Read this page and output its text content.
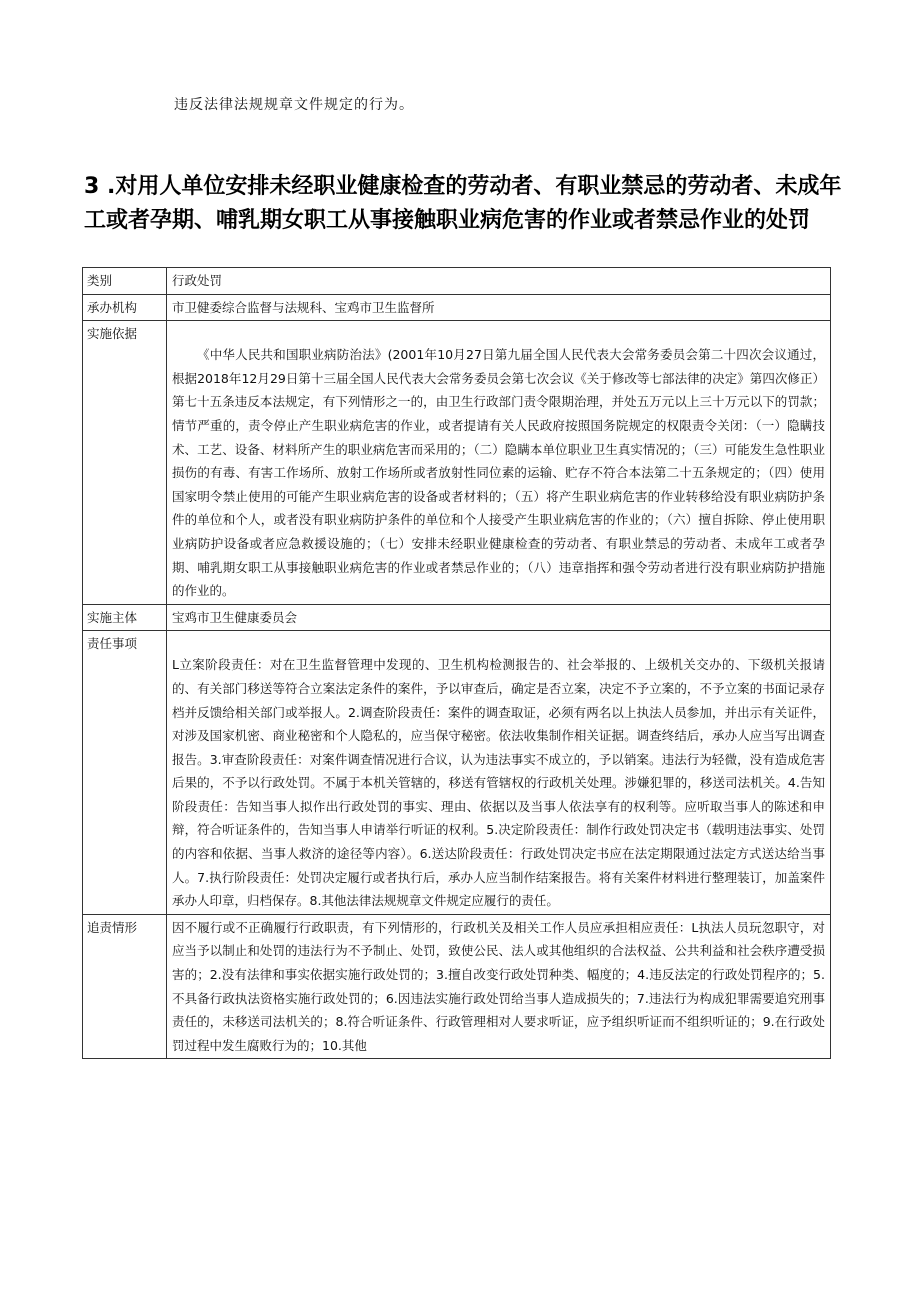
违反法律法规规章文件规定的行为。
3 .对用人单位安排未经职业健康检查的劳动者、有职业禁忌的劳动者、未成年工或者孕期、哺乳期女职工从事接触职业病危害的作业或者禁忌作业的处罚
类别	行政处罚
承办机构	市卫健委综合监督与法规科、宝鸡市卫生监督所
实施依据	《中华人民共和国职业病防治法》(2001年10月27日第九届全国人民代表大会常务委员会第二十四次会议通过，根据2018年12月29日第十三届全国人民代表大会常务委员会第七次会议《关于修改等七部法律的决定》第四次修正）第七十五条违反本法规定，有下列情形之一的，由卫生行政部门责令限期治理，并处五万元以上三十万元以下的罚款；情节严重的，责令停止产生职业病危害的作业，或者提请有关人民政府按照国务院规定的权限责令关闭：（一）隐瞒技术、工艺、设备、材料所产生的职业病危害而采用的；（二）隐瞒本单位职业卫生真实情况的；（三）可能发生急性职业损伤的有毒、有害工作场所、放射工作场所或者放射性同位素的运输、贮存不符合本法第二十五条规定的；（四）使用国家明令禁止使用的可能产生职业病危害的设备或者材料的；（五）将产生职业病危害的作业转移给没有职业病防护条件的单位和个人，或者没有职业病防护条件的单位和个人接受产生职业病危害的作业的；（六）擅自拆除、停止使用职业病防护设备或者应急救援设施的；（七）安排未经职业健康检查的劳动者、有职业禁忌的劳动者、未成年工或者孕期、哺乳期女职工从事接触职业病危害的作业或者禁忌作业的；（八）违章指挥和强令劳动者进行没有职业病防护措施的作业的。

实施主体	宝鸡市卫生健康委员会
责任事项	L立案阶段责任：对在卫生监督管理中发现的、卫生机构检测报告的、社会举报的、上级机关交办的、下级机关报请的、有关部门移送等符合立案法定条件的案件，予以审查后，确定是否立案，决定不予立案的，不予立案的书面记录存档并反馈给相关部门或举报人。2.调查阶段责任：案件的调查取证，必须有两名以上执法人员参加，并出示有关证件，对涉及国家机密、商业秘密和个人隐私的，应当保守秘密。依法收集制作相关证据。调查终结后，承办人应当写出调查报告。3.审查阶段责任：对案件调查情况进行合议，认为违法事实不成立的，予以销案。违法行为轻微，没有造成危害后果的，不予以行政处罚。不属于本机关管辖的，移送有管辖权的行政机关处理。涉嫌犯罪的，移送司法机关。4.告知阶段责任：告知当事人拟作出行政处罚的事实、理由、依据以及当事人依法享有的权利等。应听取当事人的陈述和申辩，符合听证条件的，告知当事人申请举行听证的权利。5.决定阶段责任：制作行政处罚决定书（载明违法事实、处罚的内容和依据、当事人救济的途径等内容）。6.送达阶段责任：行政处罚决定书应在法定期限通过法定方式送达给当事人。7.执行阶段责任：处罚决定履行或者执行后，承办人应当制作结案报告。将有关案件材料进行整理装订，加盖案件承办人印章，归档保存。8.其他法律法规规章文件规定应履行的责任。

追责情形	因不履行或不正确履行行政职责，有下列情形的，行政机关及相关工作人员应承担相应责任：L执法人员玩忽职守，对应当予以制止和处罚的违法行为不予制止、处罚，致使公民、法人或其他组织的合法权益、公共利益和社会秩序遭受损害的；2.没有法律和事实依据实施行政处罚的；3.擅自改变行政处罚种类、幅度的；4.违反法定的行政处罚程序的；5.不具备行政执法资格实施行政处罚的；6.因违法实施行政处罚给当事人造成损失的；7.违法行为构成犯罪需要追究刑事责任的，未移送司法机关的；8.符合听证条件、行政管理相对人要求听证，应予组织听证而不组织听证的；9.在行政处罚过程中发生腐败行为的；10.其他
